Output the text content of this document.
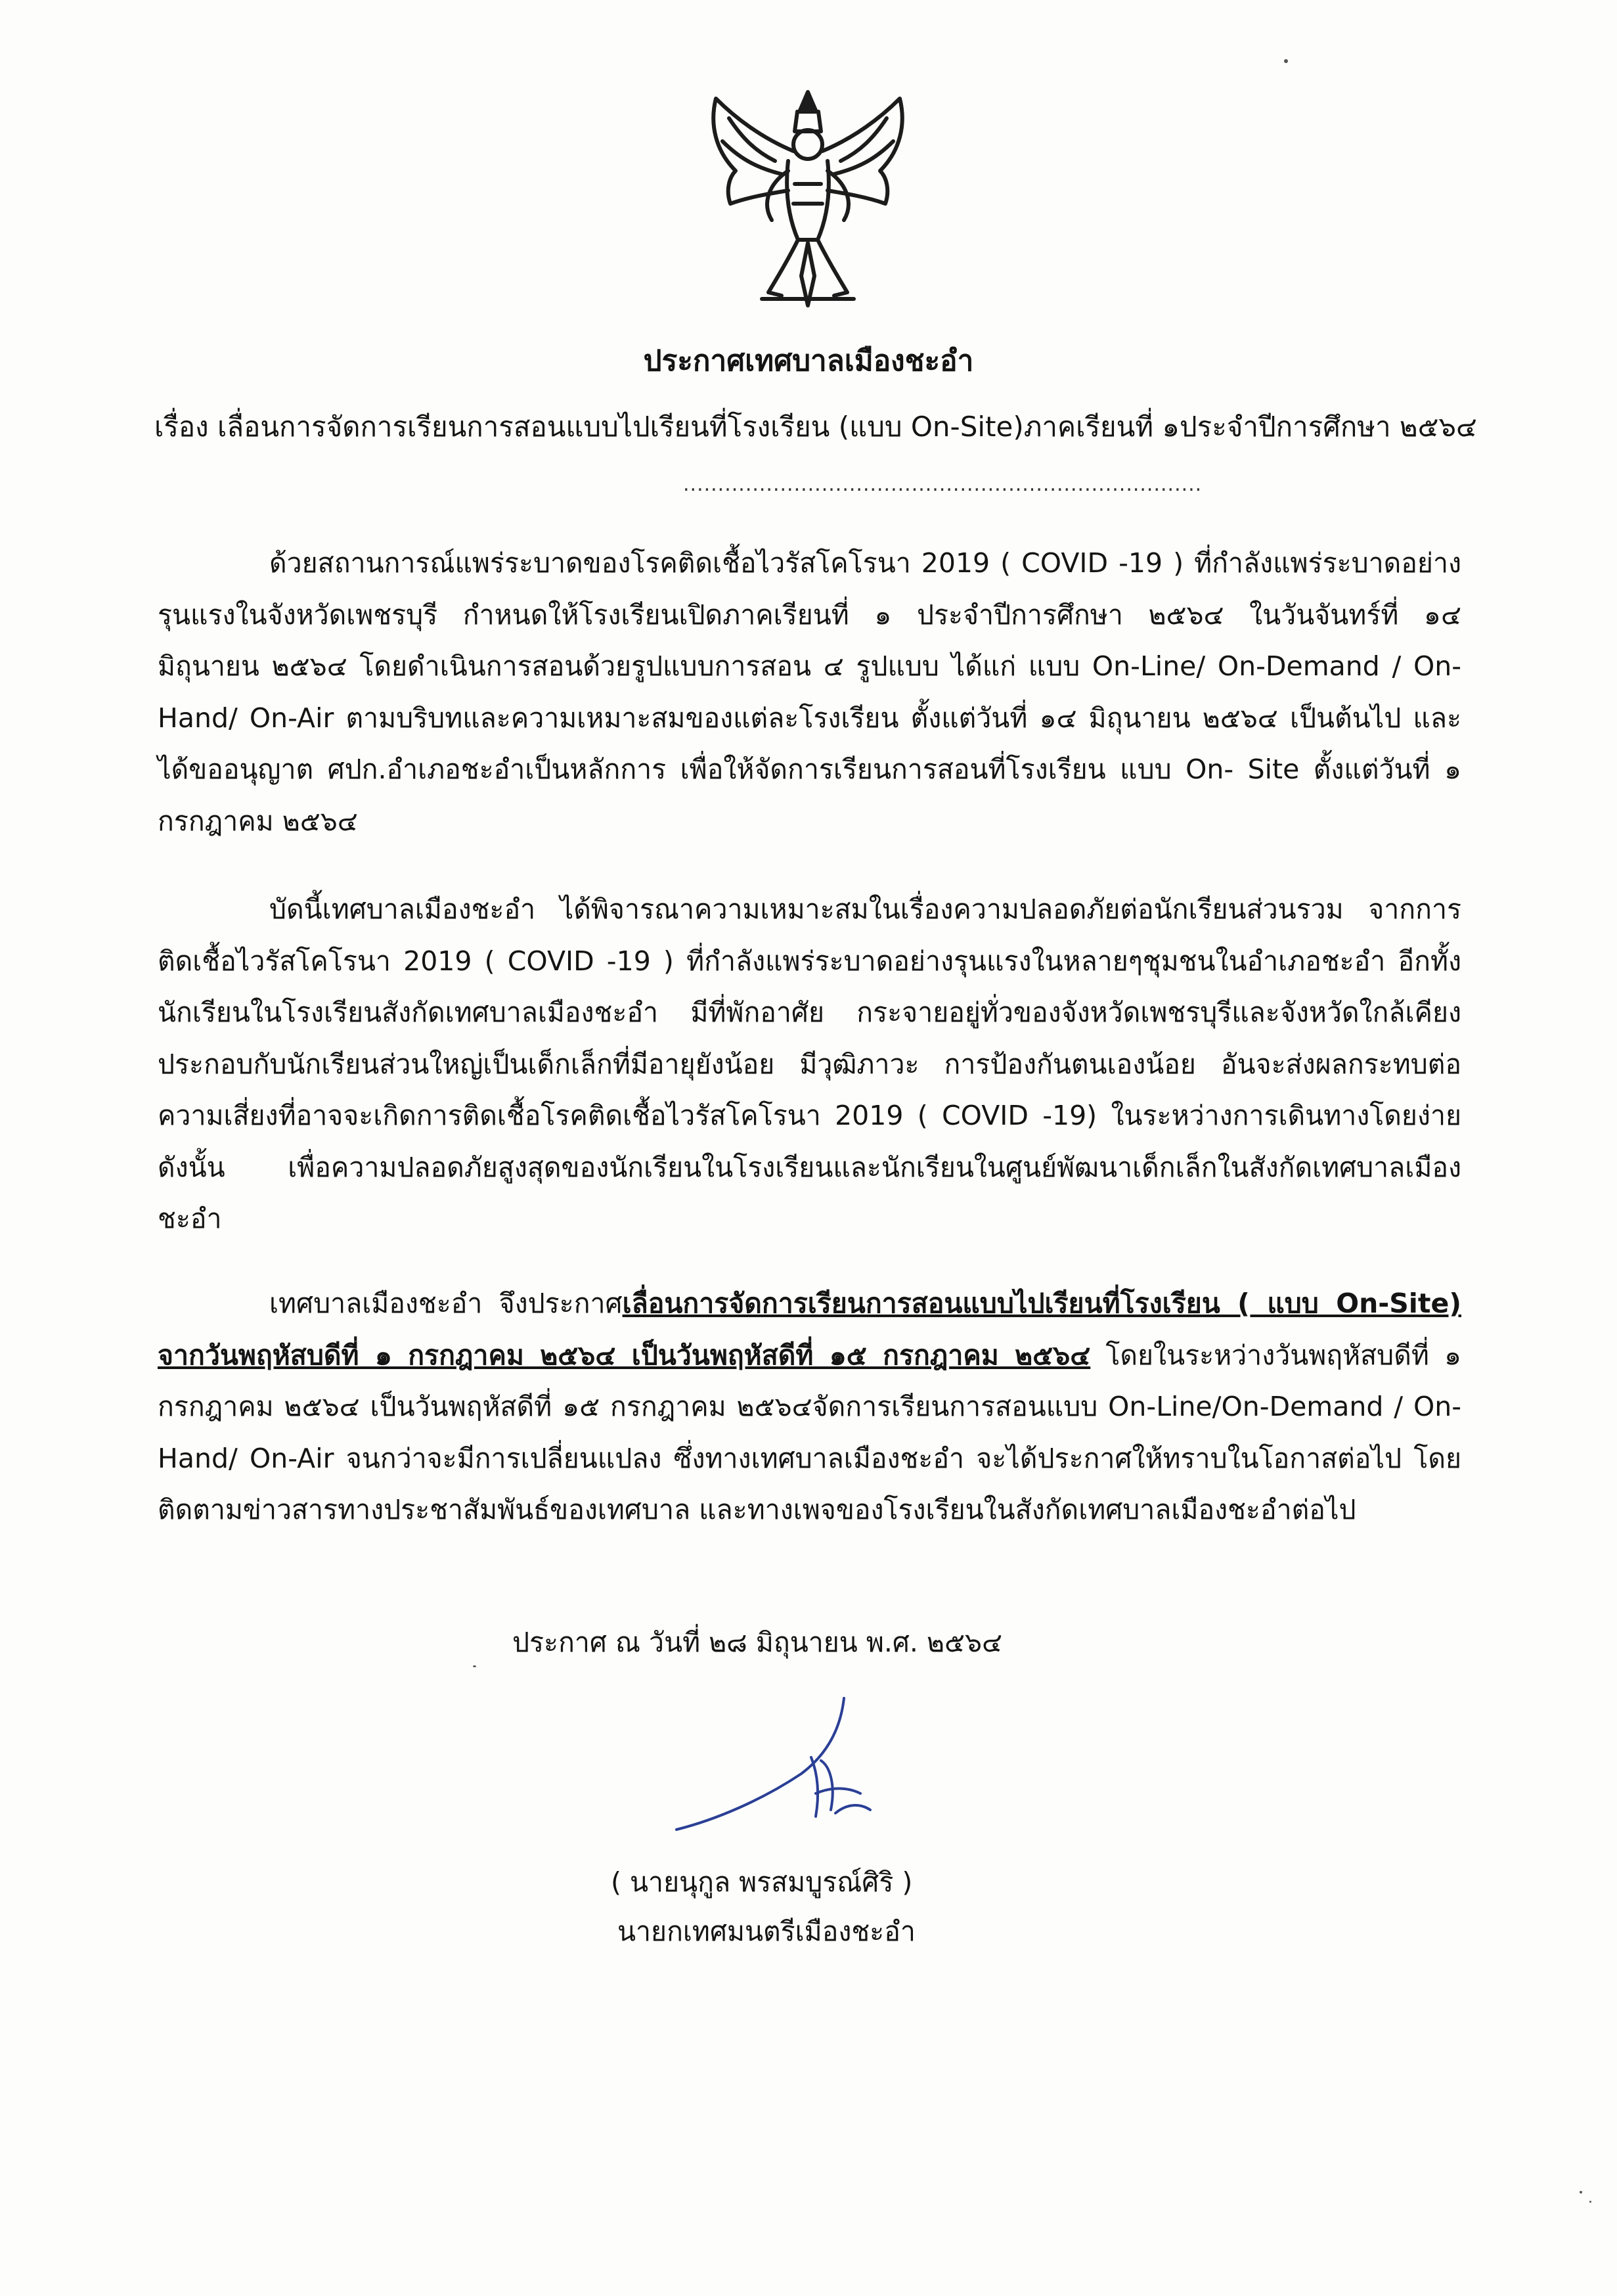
ประกาศเทศบาลเมืองชะอำ
เรื่อง เลื่อนการจัดการเรียนการสอนแบบไปเรียนที่โรงเรียน (แบบ On-Site)ภาคเรียนที่ ๑ประจำปีการศึกษา ๒๕๖๔
...........................................................................

ด้วยสถานการณ์แพร่ระบาดของโรคติดเชื้อไวรัสโคโรนา 2019 ( COVID -19 ) ที่กำลังแพร่ระบาดอย่างรุนแรงในจังหวัดเพชรบุรี กำหนดให้โรงเรียนเปิดภาคเรียนที่ ๑ ประจำปีการศึกษา ๒๕๖๔ ในวันจันทร์ที่ ๑๔ มิถุนายน ๒๕๖๔ โดยดำเนินการสอนด้วยรูปแบบการสอน ๔ รูปแบบ ได้แก่ แบบ On-Line/ On-Demand / On-Hand/ On-Air ตามบริบทและความเหมาะสมของแต่ละโรงเรียน ตั้งแต่วันที่ ๑๔ มิถุนายน ๒๕๖๔ เป็นต้นไป และได้ขออนุญาต ศปก.อำเภอชะอำเป็นหลักการ เพื่อให้จัดการเรียนการสอนที่โรงเรียน แบบ On- Site ตั้งแต่วันที่ ๑ กรกฎาคม ๒๕๖๔

บัดนี้เทศบาลเมืองชะอำ ได้พิจารณาความเหมาะสมในเรื่องความปลอดภัยต่อนักเรียนส่วนรวม จากการติดเชื้อไวรัสโคโรนา 2019 ( COVID -19 ) ที่กำลังแพร่ระบาดอย่างรุนแรงในหลายๆชุมชนในอำเภอชะอำ อีกทั้งนักเรียนในโรงเรียนสังกัดเทศบาลเมืองชะอำ มีที่พักอาศัย กระจายอยู่ทั่วของจังหวัดเพชรบุรีและจังหวัดใกล้เคียง ประกอบกับนักเรียนส่วนใหญ่เป็นเด็กเล็กที่มีอายุยังน้อย มีวุฒิภาวะ การป้องกันตนเองน้อย อันจะส่งผลกระทบต่อความเสี่ยงที่อาจจะเกิดการติดเชื้อโรคติดเชื้อไวรัสโคโรนา 2019 ( COVID -19) ในระหว่างการเดินทางโดยง่าย ดังนั้น เพื่อความปลอดภัยสูงสุดของนักเรียนในโรงเรียนและนักเรียนในศูนย์พัฒนาเด็กเล็กในสังกัดเทศบาลเมืองชะอำ

เทศบาลเมืองชะอำ จึงประกาศเลื่อนการจัดการเรียนการสอนแบบไปเรียนที่โรงเรียน ( แบบ On-Site) จากวันพฤหัสบดีที่ ๑ กรกฎาคม ๒๕๖๔ เป็นวันพฤหัสดีที่ ๑๕ กรกฎาคม ๒๕๖๔ โดยในระหว่างวันพฤหัสบดีที่ ๑ กรกฎาคม ๒๕๖๔ เป็นวันพฤหัสดีที่ ๑๕ กรกฎาคม ๒๕๖๔จัดการเรียนการสอนแบบ On-Line/On-Demand / On-Hand/ On-Air จนกว่าจะมีการเปลี่ยนแปลง ซึ่งทางเทศบาลเมืองชะอำ จะได้ประกาศให้ทราบในโอกาสต่อไป โดยติดตามข่าวสารทางประชาสัมพันธ์ของเทศบาล และทางเพจของโรงเรียนในสังกัดเทศบาลเมืองชะอำต่อไป

ประกาศ ณ วันที่ ๒๘ มิถุนายน พ.ศ. ๒๕๖๔
( นายนุกูล พรสมบูรณ์ศิริ )
นายกเทศมนตรีเมืองชะอำ
